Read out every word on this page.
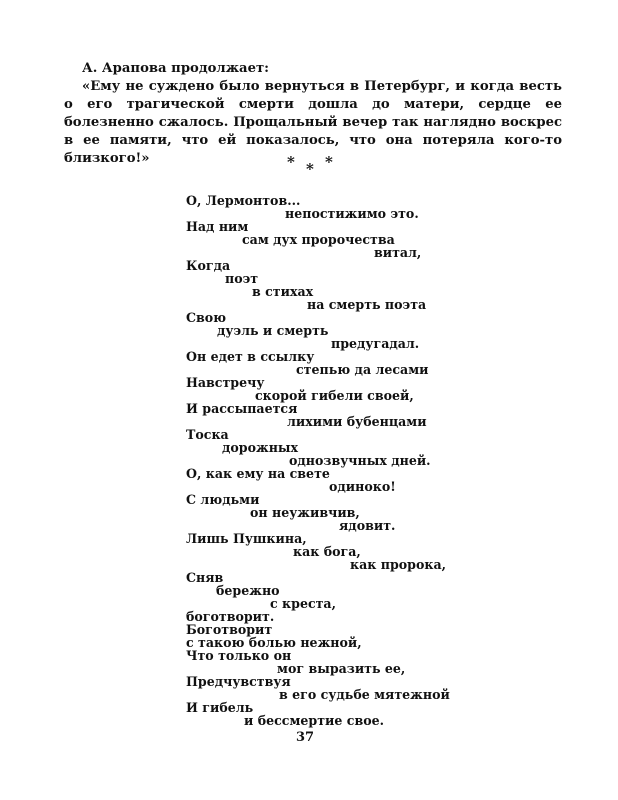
А. Арапова продолжает:
«Ему не суждено было вернуться в Петербург, и когда весть о его трагической смерти дошла до матери, сердце ее болезненно сжалось. Прощальный вечер так наглядно воскрес в ее памяти, что ей показалось, что она потеряла кого-то близкого!»	* * *
О, Лермонтов...
непостижимо это.
Над ним
сам дух пророчества
витал,
Когда
поэт
в стихах
на смерть поэта
Свою
дуэль и смерть
предугадал.
Он едет в ссылку
степью да лесами
Навстречу
скорой гибели своей,
И рассыпается
лихими бубенцами
Тоска
дорожных
однозвучных дней.
О, как ему на свете
одиноко!
С людьми
он неуживчив,
ядовит.
Лишь Пушкина,
как бога,
как пророка,
Сняв
бережно
с креста,
боготворит.
Боготворит
с такою болью нежной,
Что только он
мог выразить ее,
Предчувствуя
в его судьбе мятежной
И гибель
и бессмертие свое.
37
